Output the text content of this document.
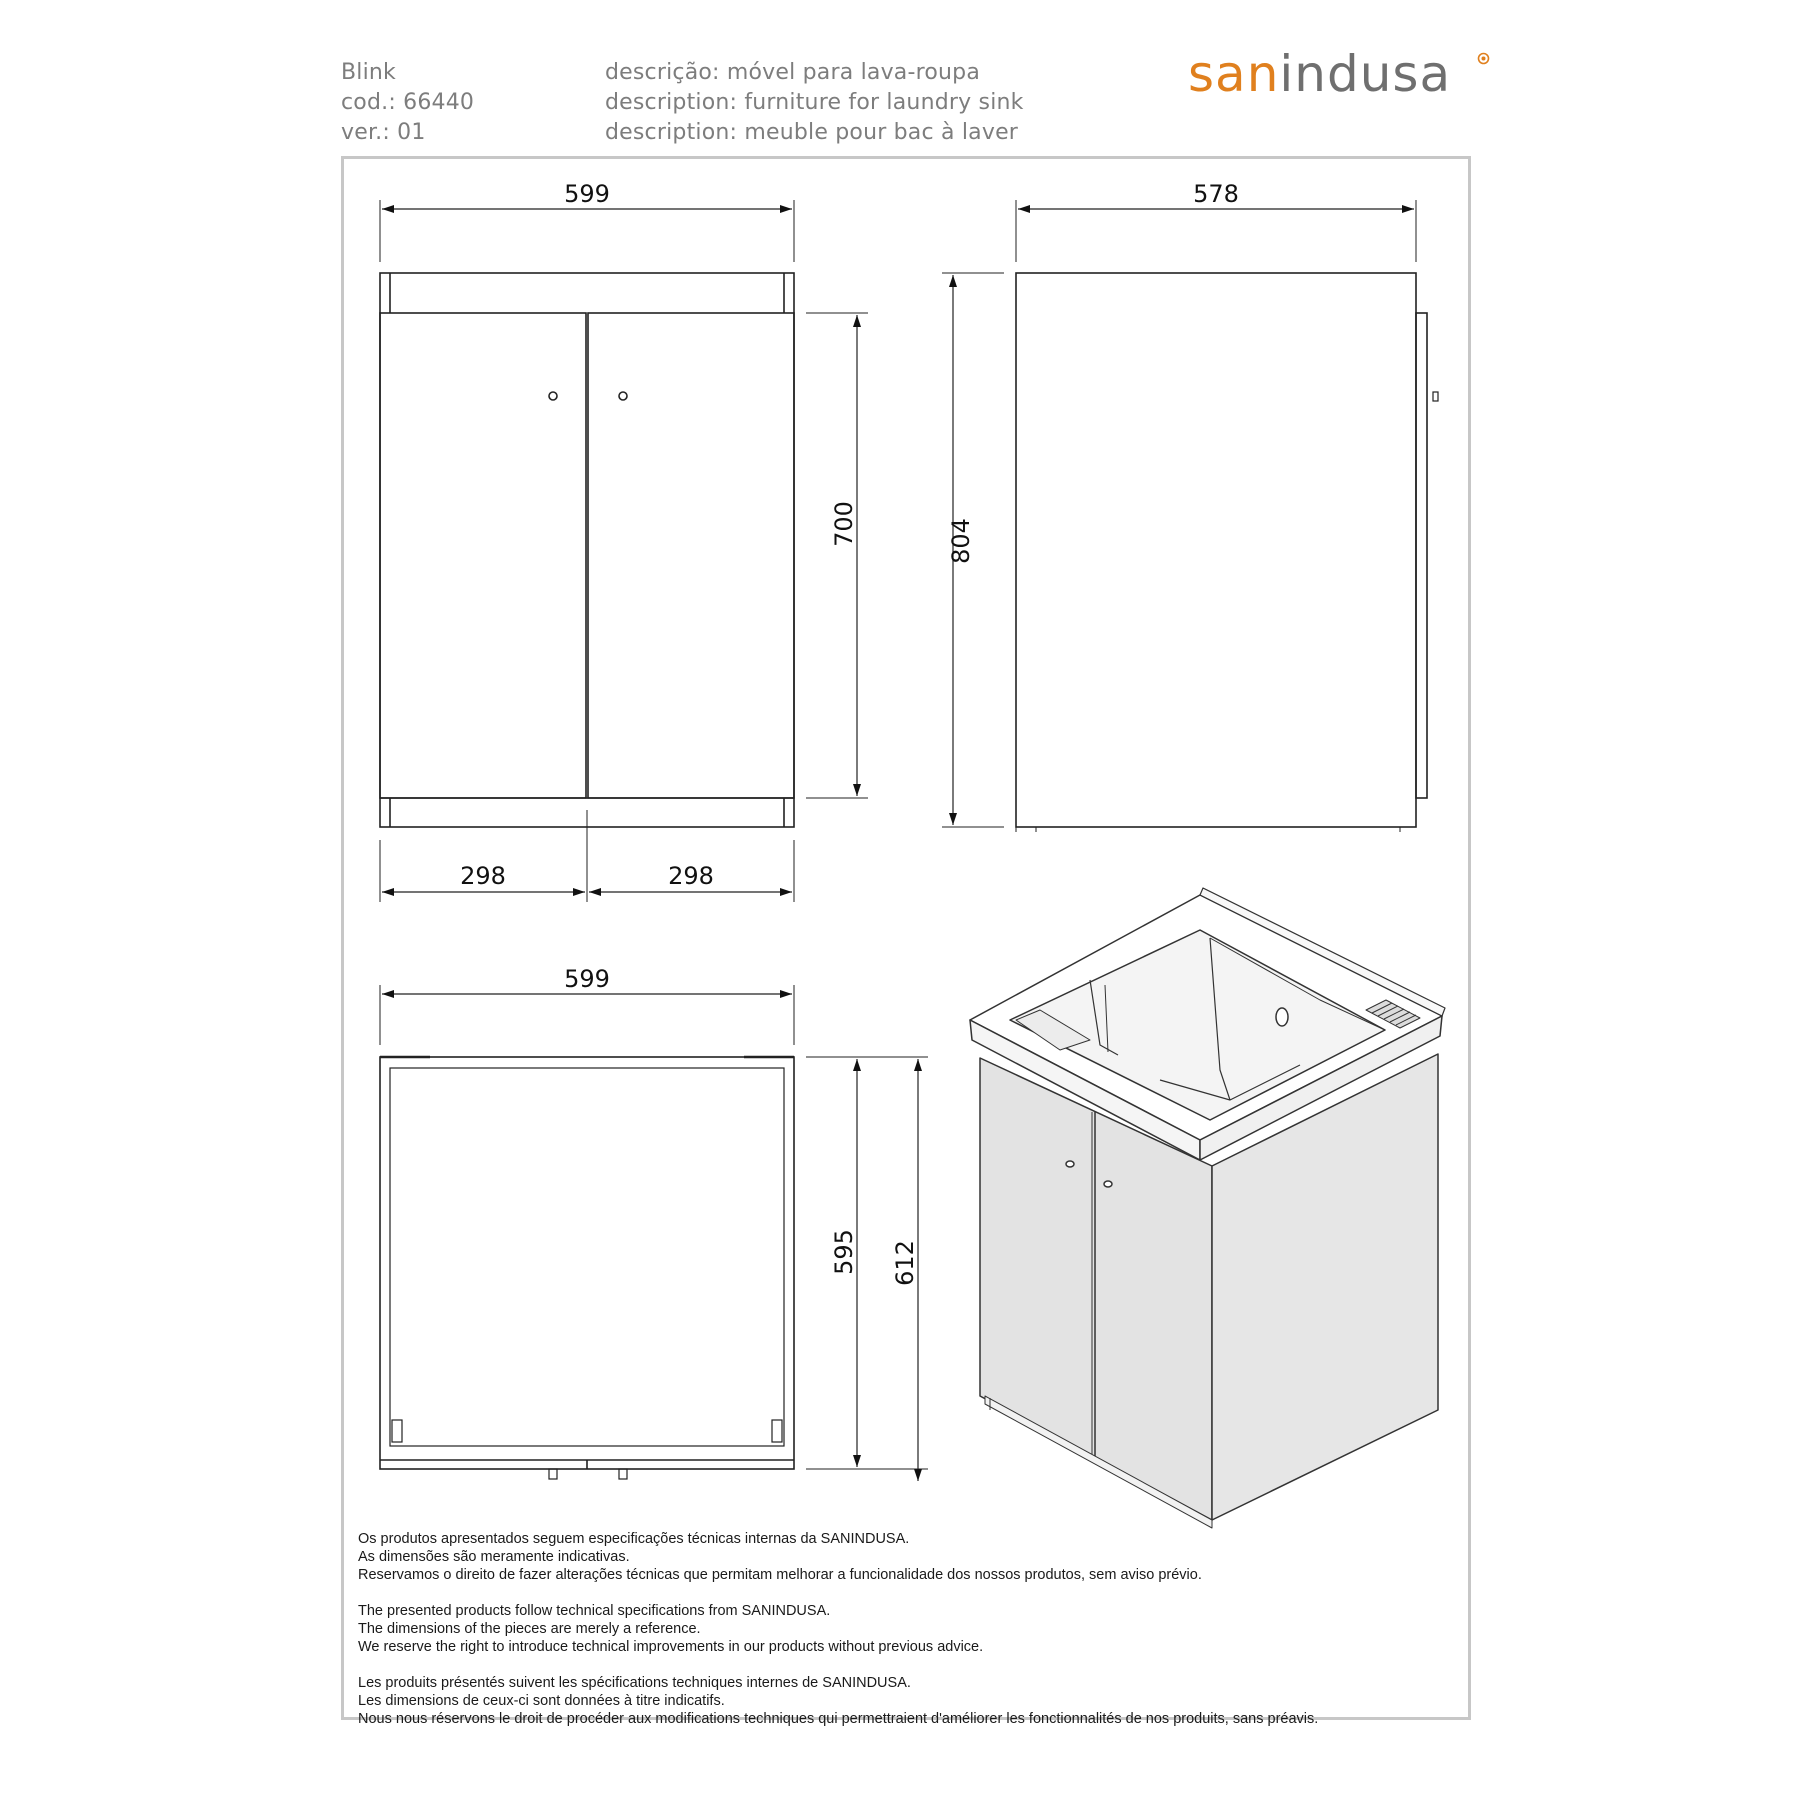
Blink
cod.: 66440
ver.: 01
descrição: móvel para lava-roupa
description: furniture for laundry sink
description: meuble pour bac à laver
sanindusa
599
298	298
700
578
804
599
595 612

Os produtos apresentados seguem especificações técnicas internas da SANINDUSA.
As dimensões são meramente indicativas.
Reservamos o direito de fazer alterações técnicas que permitam melhorar a funcionalidade dos nossos produtos, sem aviso prévio.

The presented products follow technical specifications from SANINDUSA.
The dimensions of the pieces are merely a reference.
We reserve the right to introduce technical improvements in our products without previous advice.

Les produits présentés suivent les spécifications techniques internes de SANINDUSA.
Les dimensions de ceux-ci sont données à titre indicatifs.
Nous nous réservons le droit de procéder aux modifications techniques qui permettraient d'améliorer les fonctionnalités de nos produits, sans préavis.
